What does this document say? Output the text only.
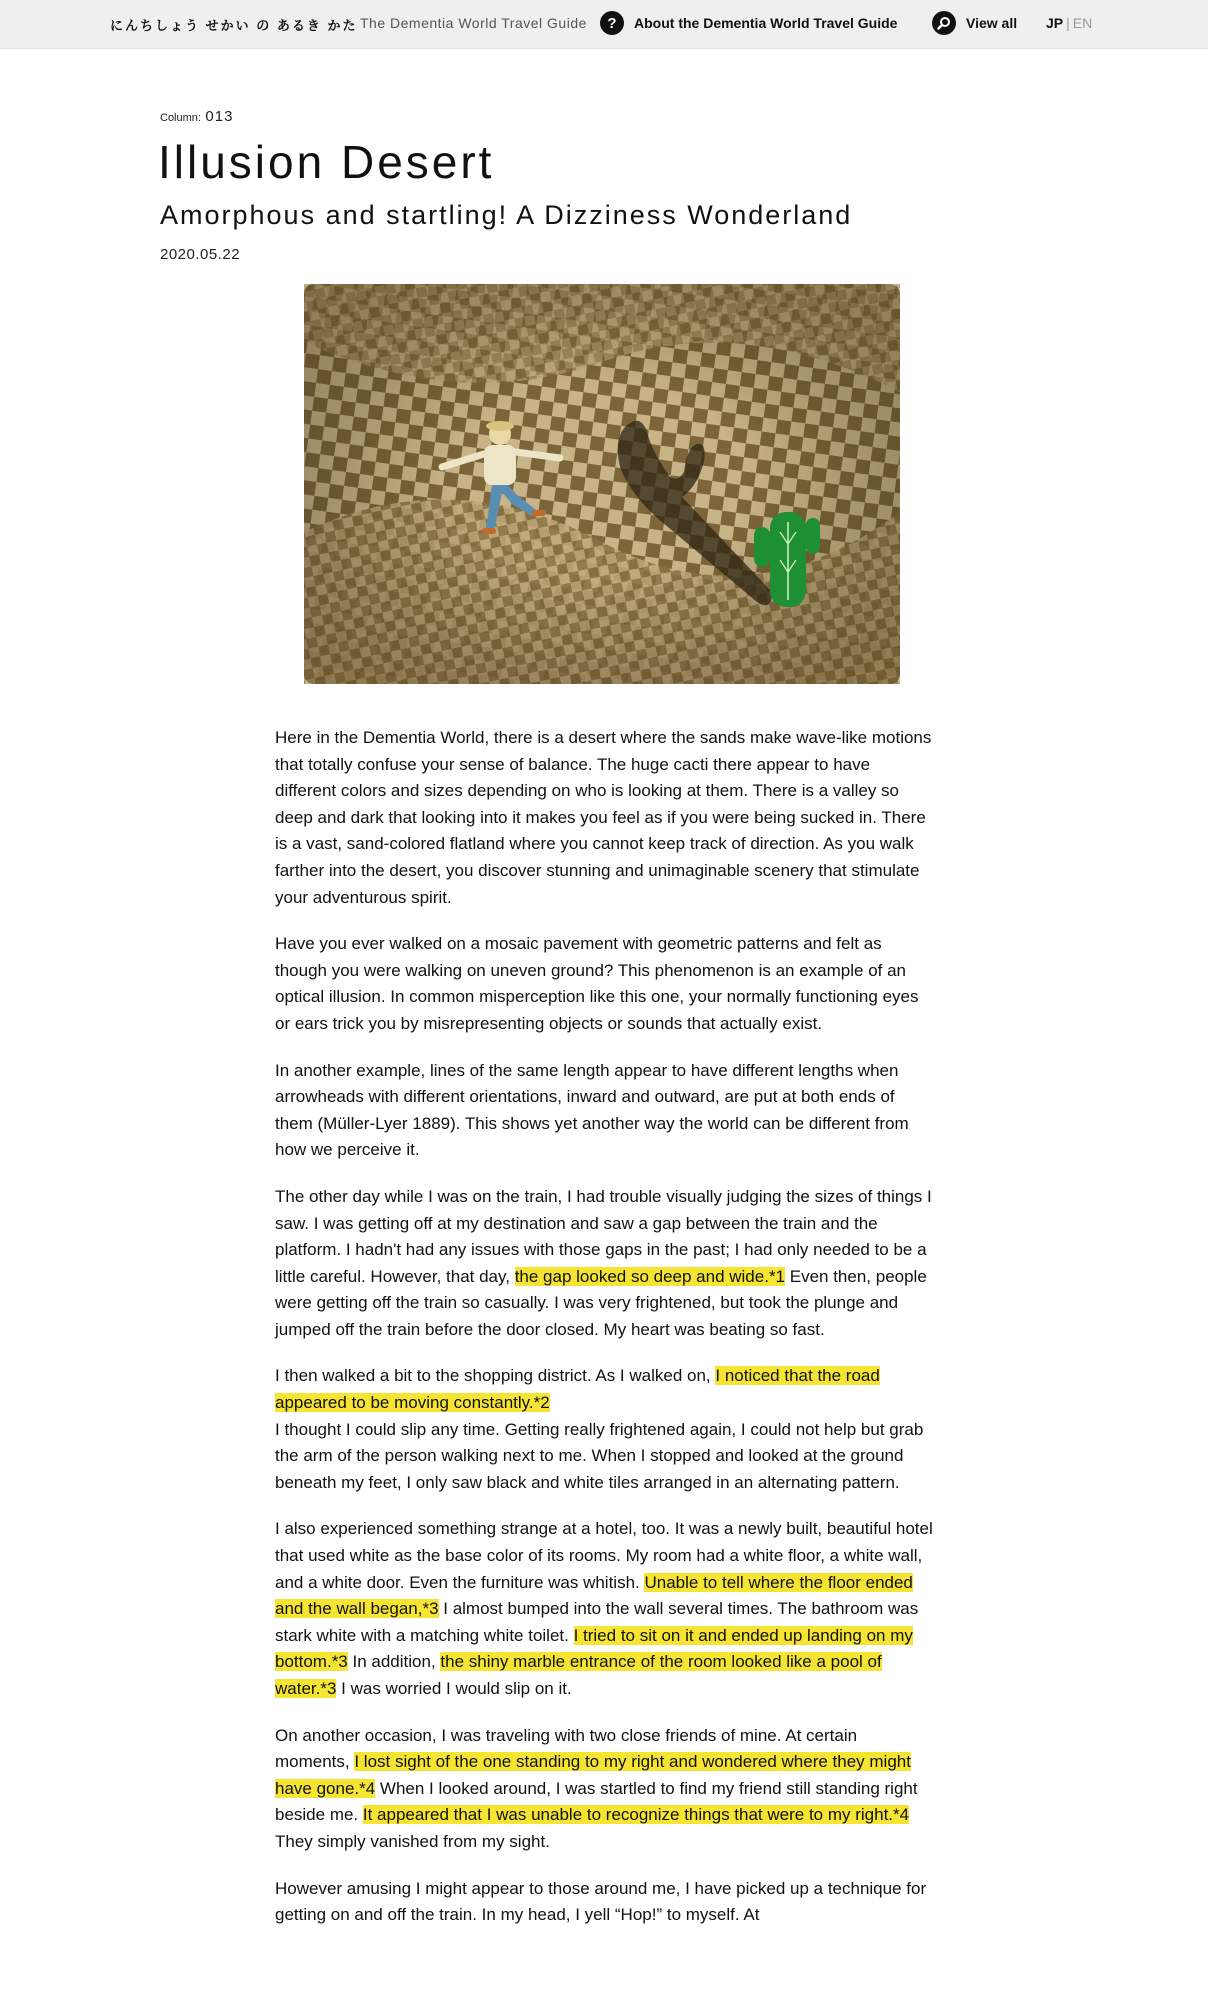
にんちしょう せかい の あるき かた The Dementia World Travel Guide	?	About the Dementia World Travel Guide	View all JP | EN
Column: 013
Illusion Desert
Amorphous and startling! A Dizziness Wonderland
2020.05.22

Here in the Dementia World, there is a desert where the sands make wave-like motions that totally confuse your sense of balance. The huge cacti there appear to have different colors and sizes depending on who is looking at them. There is a valley so deep and dark that looking into it makes you feel as if you were being sucked in. There is a vast, sand-colored flatland where you cannot keep track of direction. As you walk farther into the desert, you discover stunning and unimaginable scenery that stimulate your adventurous spirit.

Have you ever walked on a mosaic pavement with geometric patterns and felt as though you were walking on uneven ground? This phenomenon is an example of an optical illusion. In common misperception like this one, your normally functioning eyes or ears trick you by misrepresenting objects or sounds that actually exist.

In another example, lines of the same length appear to have different lengths when arrowheads with different orientations, inward and outward, are put at both ends of them (Müller-Lyer 1889). This shows yet another way the world can be different from how we perceive it.

The other day while I was on the train, I had trouble visually judging the sizes of things I saw. I was getting off at my destination and saw a gap between the train and the platform. I hadn't had any issues with those gaps in the past; I had only needed to be a little careful. However, that day, the gap looked so deep and wide.*1 Even then, people were getting off the train so casually. I was very frightened, but took the plunge and jumped off the train before the door closed. My heart was beating so fast.

I then walked a bit to the shopping district. As I walked on, I noticed that the road appeared to be moving constantly.*2
I thought I could slip any time. Getting really frightened again, I could not help but grab the arm of the person walking next to me. When I stopped and looked at the ground beneath my feet, I only saw black and white tiles arranged in an alternating pattern.

I also experienced something strange at a hotel, too. It was a newly built, beautiful hotel that used white as the base color of its rooms. My room had a white floor, a white wall, and a white door. Even the furniture was whitish. Unable to tell where the floor ended and the wall began,*3 I almost bumped into the wall several times. The bathroom was stark white with a matching white toilet. I tried to sit on it and ended up landing on my bottom.*3 In addition, the shiny marble entrance of the room looked like a pool of water.*3 I was worried I would slip on it.

On another occasion, I was traveling with two close friends of mine. At certain moments, I lost sight of the one standing to my right and wondered where they might have gone.*4 When I looked around, I was startled to find my friend still standing right beside me. It appeared that I was unable to recognize things that were to my right.*4 They simply vanished from my sight.

However amusing I might appear to those around me, I have picked up a technique for getting on and off the train. In my head, I yell “Hop!” to myself. At
